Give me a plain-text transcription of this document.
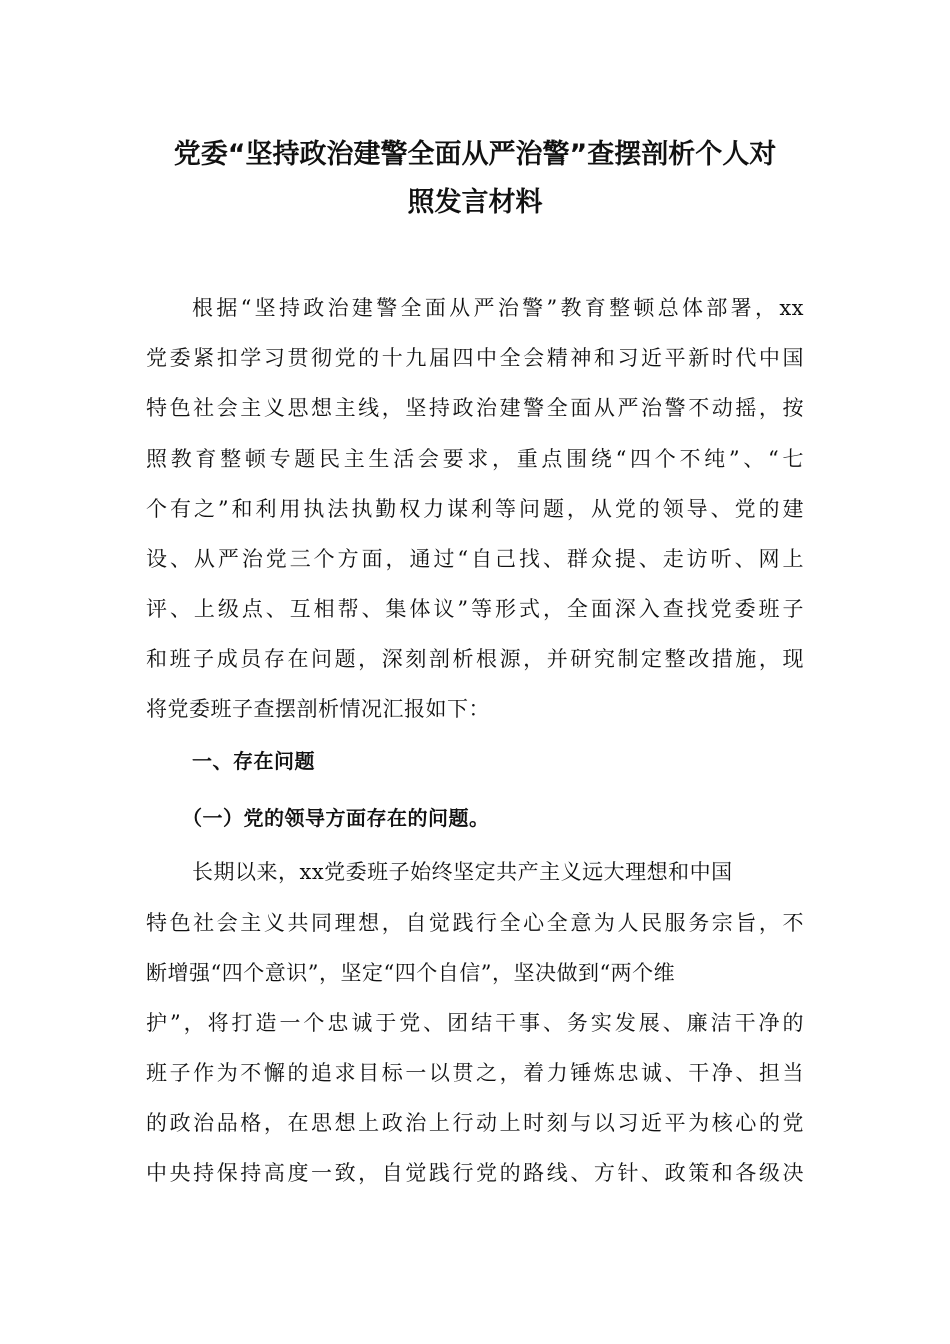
党委“坚持政治建警全面从严治警”查摆剖析个人对
照发言材料
根据“坚持政治建警全面从严治警”教育整顿总体部署，xx
党委紧扣学习贯彻党的十九届四中全会精神和习近平新时代中国
特色社会主义思想主线，坚持政治建警全面从严治警不动摇，按
照教育整顿专题民主生活会要求，重点围绕“四个不纯”、“七
个有之”和利用执法执勤权力谋利等问题，从党的领导、党的建
设、从严治党三个方面，通过“自己找、群众提、走访听、网上
评、上级点、互相帮、集体议”等形式，全面深入查找党委班子
和班子成员存在问题，深刻剖析根源，并研究制定整改措施，现
将党委班子查摆剖析情况汇报如下：
一、存在问题
（一）党的领导方面存在的问题。
长期以来，xx党委班子始终坚定共产主义远大理想和中国
特色社会主义共同理想，自觉践行全心全意为人民服务宗旨，不
断增强“四个意识”，坚定“四个自信”，坚决做到“两个维
护”，将打造一个忠诚于党、团结干事、务实发展、廉洁干净的
班子作为不懈的追求目标一以贯之，着力锤炼忠诚、干净、担当
的政治品格，在思想上政治上行动上时刻与以习近平为核心的党
中央持保持高度一致，自觉践行党的路线、方针、政策和各级决
